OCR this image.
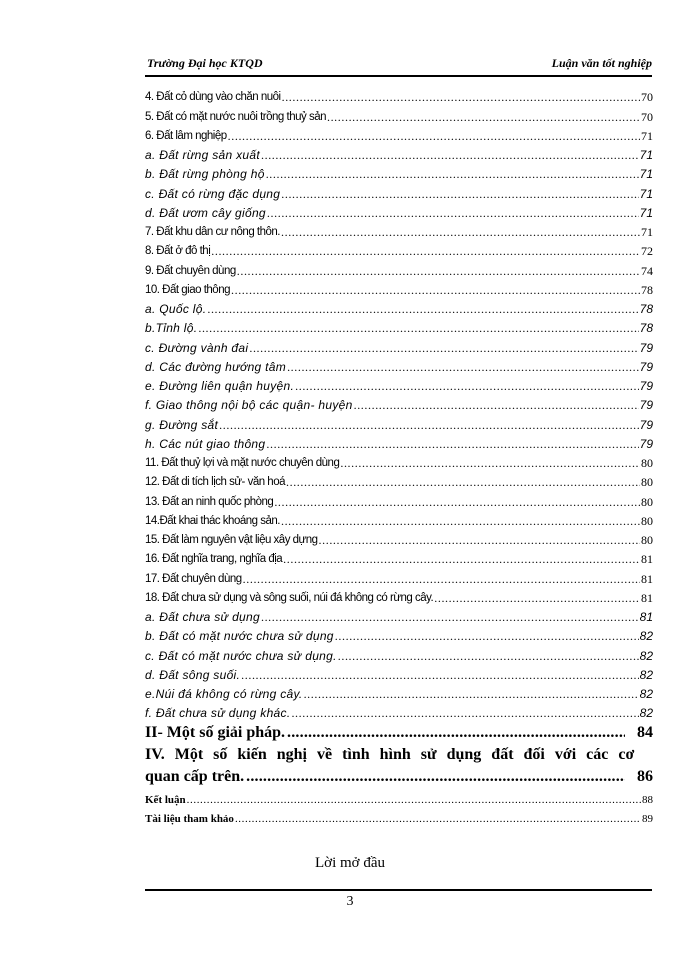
Trường Đại học KTQD	Luận văn tốt nghiệp
4. Đất cỏ dùng vào chăn nuôi .....	70
5. Đất có mặt nước nuôi trồng thuỷ sản .....	70
6. Đất lâm nghiệp .....	71
a. Đất rừng sản xuất .....	71
b. Đất rừng phòng hộ .....	71
c. Đất có rừng đặc dụng .....	71
d. Đất ươm cây giống .....	71
7. Đất khu dân cư nông thôn. .....	71
8. Đất ở đô thị .....	72
9. Đất chuyên dùng .....	74
10. Đất giao thông .....	78
a. Quốc lộ. .....	78
b.Tỉnh lộ. .....	78
c. Đường vành đai .....	79
d. Các đường hướng tâm .....	79
e. Đường liên quận huyện. .....	79
f. Giao thông nội bộ các quận- huyện .....	79
g. Đường sắt .....	79
h. Các nút giao thông .....	79
11. Đất thuỷ lợi và mặt nước chuyên dùng .....	80
12. Đất di tích lịch sử- văn hoá .....	80
13. Đất an ninh quốc phòng .....	80
14.Đất khai thác khoáng sản. .....	80
15. Đất làm nguyên vật liệu xây dựng .....	80
16. Đất nghĩa trang, nghĩa địa .....	81
17. Đất chuyên dùng .....	81
18. Đất chưa sử dụng và sông suối, núi đá không có rừng cây. .....	81
a. Đất chưa sử dụng .....	81
b. Đất có mặt nước chưa sử dụng .....	82
c. Đất có mặt nước chưa sử dụng. .....	82
d. Đất sông suối. .....	82
e.Núi đá không có rừng cây. .....	82
f. Đất chưa sử dụng khác. .....	82
II- Một số giải pháp. .....	84
IV. Một số kiến nghị về tình hình sử dụng đất đối với các cơ
quan cấp trên. .....	86
Kết luận .....	88
Tài liệu tham khảo .....	89
Lời mở đầu
3
